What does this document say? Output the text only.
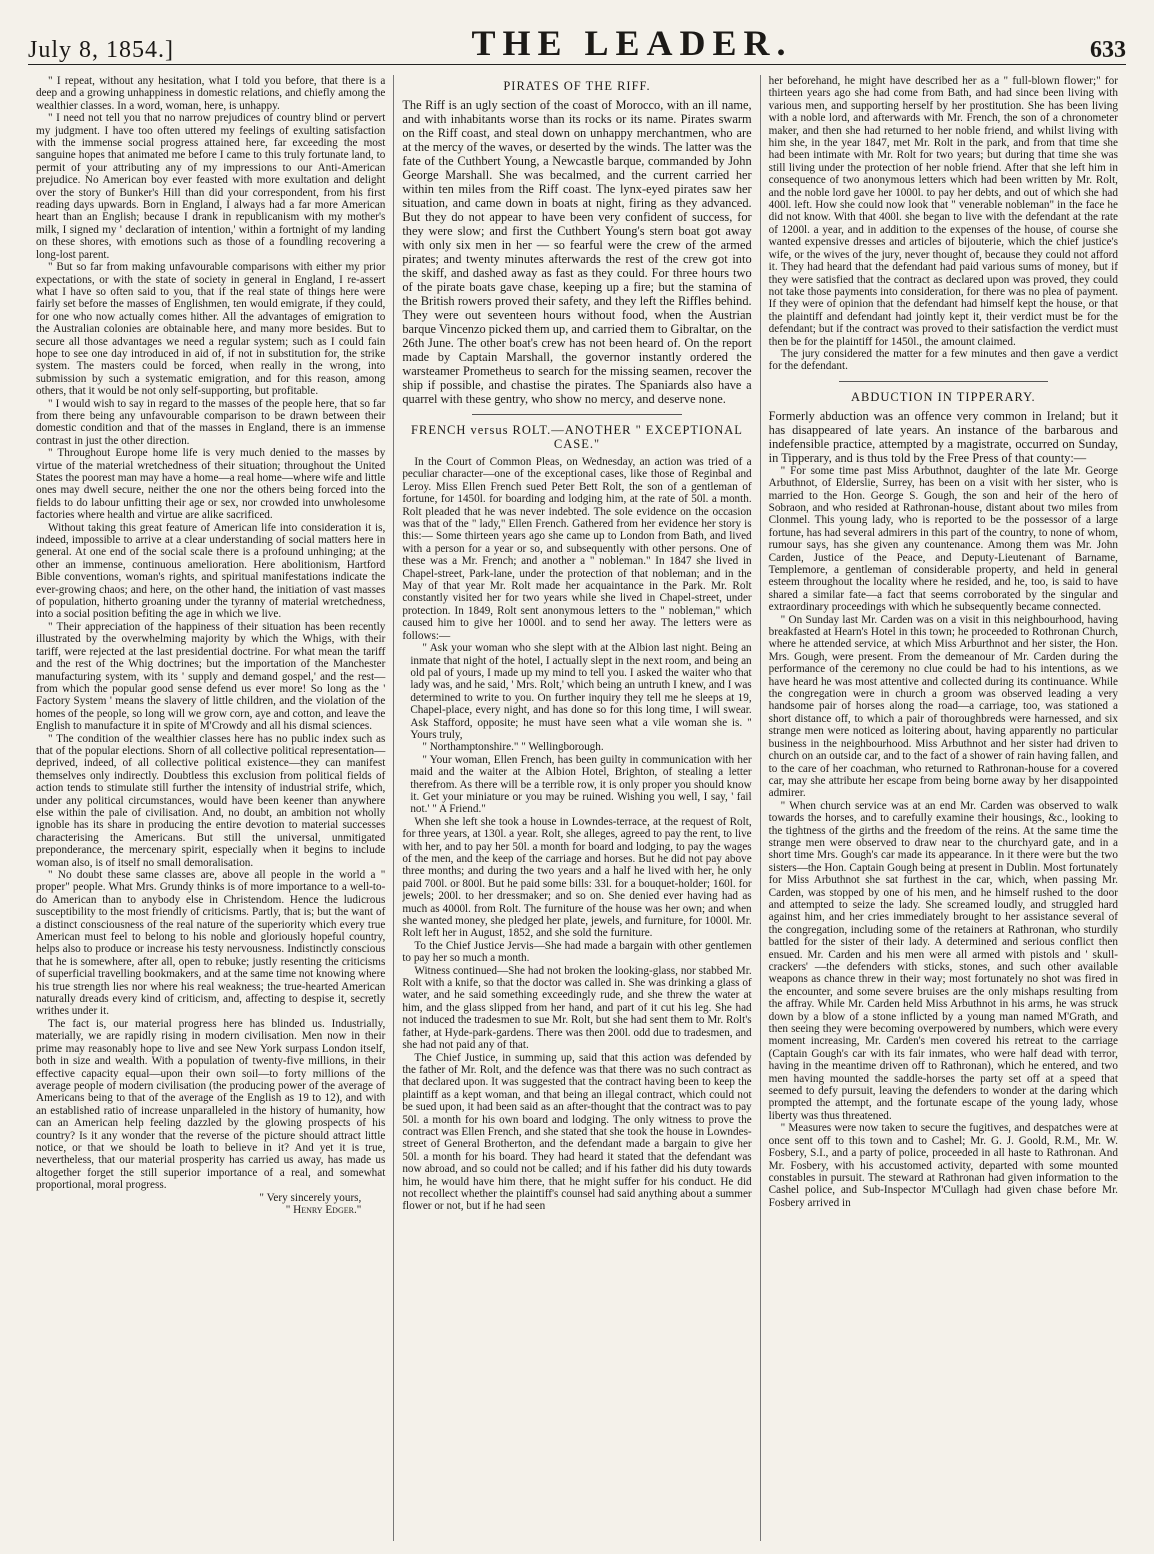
July 8, 1854.]	THE LEADER.	633

" I repeat, without any hesitation, what I told you before, that there is a deep and a growing unhappiness in domestic relations, and chiefly among the wealthier classes. In a word, woman, here, is unhappy.

" I need not tell you that no narrow prejudices of country blind or pervert my judgment. I have too often uttered my feelings of exulting satisfaction with the immense social progress attained here, far exceeding the most sanguine hopes that animated me before I came to this truly fortunate land, to permit of your attributing any of my impressions to our Anti-American prejudice. No American boy ever feasted with more exultation and delight over the story of Bunker's Hill than did your correspondent, from his first reading days upwards. Born in England, I always had a far more American heart than an English; because I drank in republicanism with my mother's milk, I signed my ' declaration of intention,' within a fortnight of my landing on these shores, with emotions such as those of a foundling recovering a long-lost parent.

" But so far from making unfavourable comparisons with either my prior expectations, or with the state of society in general in England, I re-assert what I have so often said to you, that if the real state of things here were fairly set before the masses of Englishmen, ten would emigrate, if they could, for one who now actually comes hither. All the advantages of emigration to the Australian colonies are obtainable here, and many more besides. But to secure all those advantages we need a regular system; such as I could fain hope to see one day introduced in aid of, if not in substitution for, the strike system. The masters could be forced, when really in the wrong, into submission by such a systematic emigration, and for this reason, among others, that it would be not only self-supporting, but profitable.

" I would wish to say in regard to the masses of the people here, that so far from there being any unfavourable comparison to be drawn between their domestic condition and that of the masses in England, there is an immense contrast in just the other direction.

" Throughout Europe home life is very much denied to the masses by virtue of the material wretchedness of their situation; throughout the United States the poorest man may have a home—a real home—where wife and little ones may dwell secure, neither the one nor the others being forced into the fields to do labour unfitting their age or sex, nor crowded into unwholesome factories where health and virtue are alike sacrificed.

Without taking this great feature of American life into consideration it is, indeed, impossible to arrive at a clear understanding of social matters here in general. At one end of the social scale there is a profound unhinging; at the other an immense, continuous amelioration. Here abolitionism, Hartford Bible conventions, woman's rights, and spiritual manifestations indicate the ever-growing chaos; and here, on the other hand, the initiation of vast masses of population, hitherto groaning under the tyranny of material wretchedness, into a social position befiting the age in which we live.

" Their appreciation of the happiness of their situation has been recently illustrated by the overwhelming majority by which the Whigs, with their tariff, were rejected at the last presidential doctrine. For what mean the tariff and the rest of the Whig doctrines; but the importation of the Manchester manufacturing system, with its ' supply and demand gospel,' and the rest—from which the popular good sense defend us ever more! So long as the ' Factory System ' means the slavery of little children, and the violation of the homes of the people, so long will we grow corn, aye and cotton, and leave the English to manufacture it in spite of M'Crowdy and all his dismal sciences.

" The condition of the wealthier classes here has no public index such as that of the popular elections. Shorn of all collective political representation—deprived, indeed, of all collective political existence—they can manifest themselves only indirectly. Doubtless this exclusion from political fields of action tends to stimulate still further the intensity of industrial strife, which, under any political circumstances, would have been keener than anywhere else within the pale of civilisation. And, no doubt, an ambition not wholly ignoble has its share in producing the entire devotion to material successes characterising the Americans. But still the universal, unmitigated preponderance, the mercenary spirit, especially when it begins to include woman also, is of itself no small demoralisation.

" No doubt these same classes are, above all people in the world a " proper" people. What Mrs. Grundy thinks is of more importance to a well-to-do American than to anybody else in Christendom. Hence the ludicrous susceptibility to the most friendly of criticisms. Partly, that is; but the want of a distinct consciousness of the real nature of the superiority which every true American must feel to belong to his noble and gloriously hopeful country, helps also to produce or increase his testy nervousness. Indistinctly conscious that he is somewhere, after all, open to rebuke; justly resenting the criticisms of superficial travelling bookmakers, and at the same time not knowing where his true strength lies nor where his real weakness; the true-hearted American naturally dreads every kind of criticism, and, affecting to despise it, secretly writhes under it.

The fact is, our material progress here has blinded us. Industrially, materially, we are rapidly rising in modern civilisation. Men now in their prime may reasonably hope to live and see New York surpass London itself, both in size and wealth. With a population of twenty-five millions, in their effective capacity equal—upon their own soil—to forty millions of the average people of modern civilisation (the producing power of the average of Americans being to that of the average of the English as 19 to 12), and with an established ratio of increase unparalleled in the history of humanity, how can an American help feeling dazzled by the glowing prospects of his country? Is it any wonder that the reverse of the picture should attract little notice, or that we should be loath to believe in it? And yet it is true, nevertheless, that our material prosperity has carried us away, has made us altogether forget the still superior importance of a real, and somewhat proportional, moral progress.

" Very sincerely yours,

" Henry Edger."

PIRATES OF THE RIFF.

The Riff is an ugly section of the coast of Morocco, with an ill name, and with inhabitants worse than its rocks or its name. Pirates swarm on the Riff coast, and steal down on unhappy merchantmen, who are at the mercy of the waves, or deserted by the winds. The latter was the fate of the Cuthbert Young, a Newcastle barque, commanded by John George Marshall. She was becalmed, and the current carried her within ten miles from the Riff coast. The lynx-eyed pirates saw her situation, and came down in boats at night, firing as they advanced. But they do not appear to have been very confident of success, for they were slow; and first the Cuthbert Young's stern boat got away with only six men in her — so fearful were the crew of the armed pirates; and twenty minutes afterwards the rest of the crew got into the skiff, and dashed away as fast as they could. For three hours two of the pirate boats gave chase, keeping up a fire; but the stamina of the British rowers proved their safety, and they left the Riffles behind. They were out seventeen hours without food, when the Austrian barque Vincenzo picked them up, and carried them to Gibraltar, on the 26th June. The other boat's crew has not been heard of. On the report made by Captain Marshall, the governor instantly ordered the warsteamer Prometheus to search for the missing seamen, recover the ship if possible, and chastise the pirates. The Spaniards also have a quarrel with these gentry, who show no mercy, and deserve none.

FRENCH versus ROLT.—ANOTHER " EXCEPTIONAL CASE."

In the Court of Common Pleas, on Wednesday, an action was tried of a peculiar character—one of the exceptional cases, like those of Reginbal and Leroy. Miss Ellen French sued Peter Bett Rolt, the son of a gentleman of fortune, for 1450l. for boarding and lodging him, at the rate of 50l. a month. Rolt pleaded that he was never indebted. The sole evidence on the occasion was that of the " lady," Ellen French. Gathered from her evidence her story is this:— Some thirteen years ago she came up to London from Bath, and lived with a person for a year or so, and subsequently with other persons. One of these was a Mr. French; and another a " nobleman." In 1847 she lived in Chapel-street, Park-lane, under the protection of that nobleman; and in the May of that year Mr. Rolt made her acquaintance in the Park. Mr. Rolt constantly visited her for two years while she lived in Chapel-street, under protection. In 1849, Rolt sent anonymous letters to the " nobleman," which caused him to give her 1000l. and to send her away. The letters were as follows:—

" Ask your woman who she slept with at the Albion last night. Being an inmate that night of the hotel, I actually slept in the next room, and being an old pal of yours, I made up my mind to tell you. I asked the waiter who that lady was, and he said, ' Mrs. Rolt,' which being an untruth I knew, and I was determined to write to you. On further inquiry they tell me he sleeps at 19, Chapel-place, every night, and has done so for this long time, I will swear. Ask Stafford, opposite; he must have seen what a vile woman she is. " Yours truly,

" Northamptonshire." " Wellingborough.

" Your woman, Ellen French, has been guilty in communication with her maid and the waiter at the Albion Hotel, Brighton, of stealing a letter therefrom. As there will be a terrible row, it is only proper you should know it. Get your miniature or you may be ruined. Wishing you well, I say, ' fail not.' " A Friend."

When she left she took a house in Lowndes-terrace, at the request of Rolt, for three years, at 130l. a year. Rolt, she alleges, agreed to pay the rent, to live with her, and to pay her 50l. a month for board and lodging, to pay the wages of the men, and the keep of the carriage and horses. But he did not pay above three months; and during the two years and a half he lived with her, he only paid 700l. or 800l. But he paid some bills: 33l. for a bouquet-holder; 160l. for jewels; 200l. to her dressmaker; and so on. She denied ever having had as much as 4000l. from Rolt. The furniture of the house was her own; and when she wanted money, she pledged her plate, jewels, and furniture, for 1000l. Mr. Rolt left her in August, 1852, and she sold the furniture.

To the Chief Justice Jervis—She had made a bargain with other gentlemen to pay her so much a month.

Witness continued—She had not broken the looking-glass, nor stabbed Mr. Rolt with a knife, so that the doctor was called in. She was drinking a glass of water, and he said something exceedingly rude, and she threw the water at him, and the glass slipped from her hand, and part of it cut his leg. She had not induced the tradesmen to sue Mr. Rolt, but she had sent them to Mr. Rolt's father, at Hyde-park-gardens. There was then 200l. odd due to tradesmen, and she had not paid any of that.

The Chief Justice, in summing up, said that this action was defended by the father of Mr. Rolt, and the defence was that there was no such contract as that declared upon. It was suggested that the contract having been to keep the plaintiff as a kept woman, and that being an illegal contract, which could not be sued upon, it had been said as an after-thought that the contract was to pay 50l. a month for his own board and lodging. The only witness to prove the contract was Ellen French, and she stated that she took the house in Lowndes-street of General Brotherton, and the defendant made a bargain to give her 50l. a month for his board. They had heard it stated that the defendant was now abroad, and so could not be called; and if his father did his duty towards him, he would have him there, that he might suffer for his conduct. He did not recollect whether the plaintiff's counsel had said anything about a summer flower or not, but if he had seen

her beforehand, he might have described her as a " full-blown flower;" for thirteen years ago she had come from Bath, and had since been living with various men, and supporting herself by her prostitution. She has been living with a noble lord, and afterwards with Mr. French, the son of a chronometer maker, and then she had returned to her noble friend, and whilst living with him she, in the year 1847, met Mr. Rolt in the park, and from that time she had been intimate with Mr. Rolt for two years; but during that time she was still living under the protection of her noble friend. After that she left him in consequence of two anonymous letters which had been written by Mr. Rolt, and the noble lord gave her 1000l. to pay her debts, and out of which she had 400l. left. How she could now look that " venerable nobleman" in the face he did not know. With that 400l. she began to live with the defendant at the rate of 1200l. a year, and in addition to the expenses of the house, of course she wanted expensive dresses and articles of bijouterie, which the chief justice's wife, or the wives of the jury, never thought of, because they could not afford it. They had heard that the defendant had paid various sums of money, but if they were satisfied that the contract as declared upon was proved, they could not take those payments into consideration, for there was no plea of payment. If they were of opinion that the defendant had himself kept the house, or that the plaintiff and defendant had jointly kept it, their verdict must be for the defendant; but if the contract was proved to their satisfaction the verdict must then be for the plaintiff for 1450l., the amount claimed.

The jury considered the matter for a few minutes and then gave a verdict for the defendant.

ABDUCTION IN TIPPERARY.

Formerly abduction was an offence very common in Ireland; but it has disappeared of late years. An instance of the barbarous and indefensible practice, attempted by a magistrate, occurred on Sunday, in Tipperary, and is thus told by the Free Press of that county:—

" For some time past Miss Arbuthnot, daughter of the late Mr. George Arbuthnot, of Elderslie, Surrey, has been on a visit with her sister, who is married to the Hon. George S. Gough, the son and heir of the hero of Sobraon, and who resided at Rathronan-house, distant about two miles from Clonmel. This young lady, who is reported to be the possessor of a large fortune, has had several admirers in this part of the country, to none of whom, rumour says, has she given any countenance. Among them was Mr. John Carden, Justice of the Peace, and Deputy-Lieutenant of Barname, Templemore, a gentleman of considerable property, and held in general esteem throughout the locality where he resided, and he, too, is said to have shared a similar fate—a fact that seems corroborated by the singular and extraordinary proceedings with which he subsequently became connected.

" On Sunday last Mr. Carden was on a visit in this neighbourhood, having breakfasted at Hearn's Hotel in this town; he proceeded to Rothronan Church, where he attended service, at which Miss Arburthnot and her sister, the Hon. Mrs. Gough, were present. From the demeanour of Mr. Carden during the performance of the ceremony no clue could be had to his intentions, as we have heard he was most attentive and collected during its continuance. While the congregation were in church a groom was observed leading a very handsome pair of horses along the road—a carriage, too, was stationed a short distance off, to which a pair of thoroughbreds were harnessed, and six strange men were noticed as loitering about, having apparently no particular business in the neighbourhood. Miss Arbuthnot and her sister had driven to church on an outside car, and to the fact of a shower of rain having fallen, and to the care of her coachman, who returned to Rathronan-house for a covered car, may she attribute her escape from being borne away by her disappointed admirer.

" When church service was at an end Mr. Carden was observed to walk towards the horses, and to carefully examine their housings, &c., looking to the tightness of the girths and the freedom of the reins. At the same time the strange men were observed to draw near to the churchyard gate, and in a short time Mrs. Gough's car made its appearance. In it there were but the two sisters—the Hon. Captain Gough being at present in Dublin. Most fortunately for Miss Arbuthnot she sat furthest in the car, which, when passing Mr. Carden, was stopped by one of his men, and he himself rushed to the door and attempted to seize the lady. She screamed loudly, and struggled hard against him, and her cries immediately brought to her assistance several of the congregation, including some of the retainers at Rathronan, who sturdily battled for the sister of their lady. A determined and serious conflict then ensued. Mr. Carden and his men were all armed with pistols and ' skull-crackers' —the defenders with sticks, stones, and such other available weapons as chance threw in their way; most fortunately no shot was fired in the encounter, and some severe bruises are the only mishaps resulting from the affray. While Mr. Carden held Miss Arbuthnot in his arms, he was struck down by a blow of a stone inflicted by a young man named M'Grath, and then seeing they were becoming overpowered by numbers, which were every moment increasing, Mr. Carden's men covered his retreat to the carriage (Captain Gough's car with its fair inmates, who were half dead with terror, having in the meantime driven off to Rathronan), which he entered, and two men having mounted the saddle-horses the party set off at a speed that seemed to defy pursuit, leaving the defenders to wonder at the daring which prompted the attempt, and the fortunate escape of the young lady, whose liberty was thus threatened.

" Measures were now taken to secure the fugitives, and despatches were at once sent off to this town and to Cashel; Mr. G. J. Goold, R.M., Mr. W. Fosbery, S.I., and a party of police, proceeded in all haste to Rathronan. And Mr. Fosbery, with his accustomed activity, departed with some mounted constables in pursuit. The steward at Rathronan had given information to the Cashel police, and Sub-Inspector M'Cullagh had given chase before Mr. Fosbery arrived in
